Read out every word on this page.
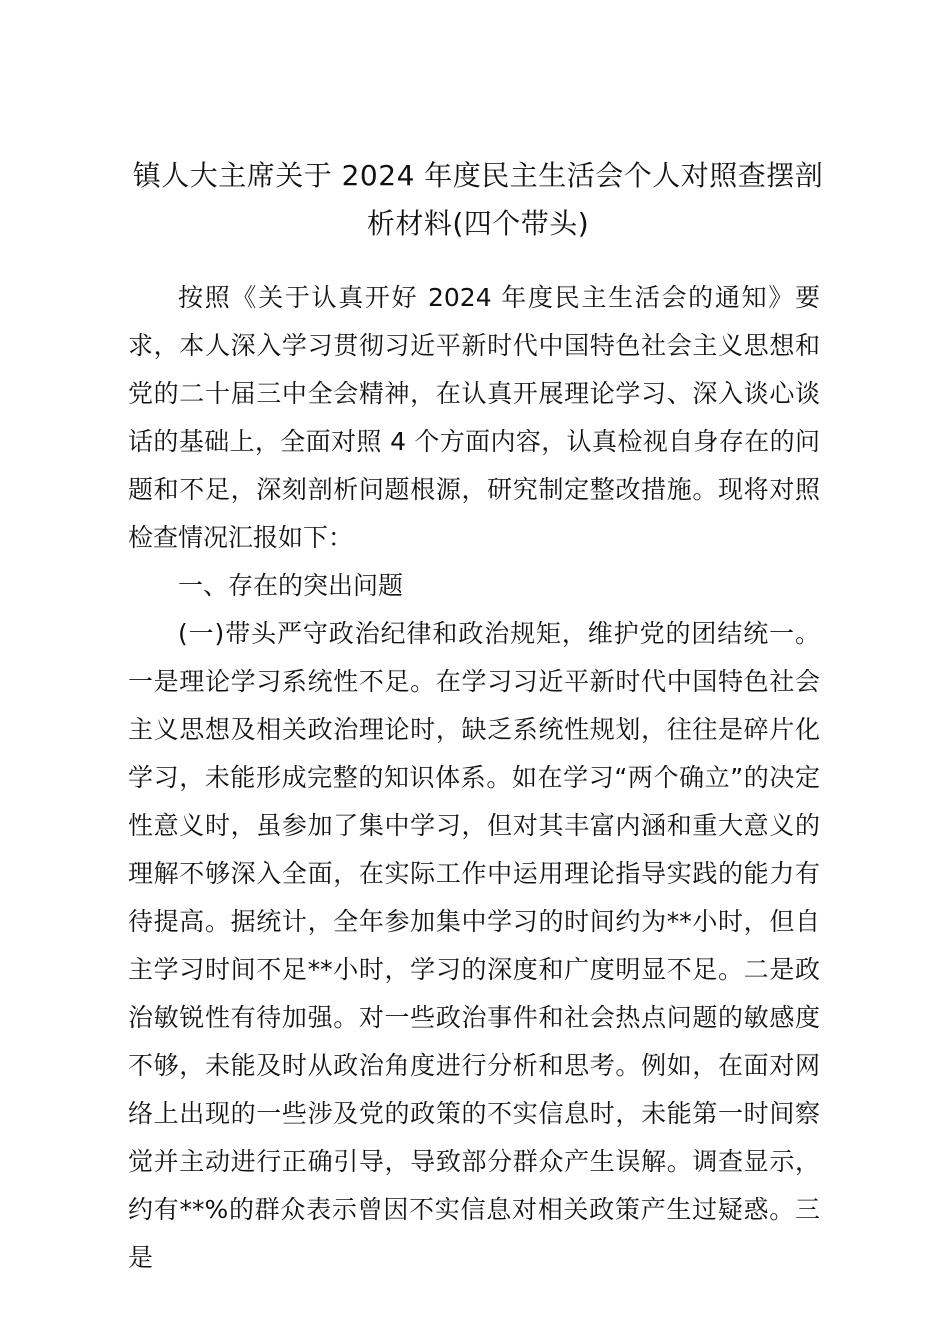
镇人大主席关于 2024 年度民主生活会个人对照查摆剖析材料(四个带头)

按照《关于认真开好 2024 年度民主生活会的通知》要求，本人深入学习贯彻习近平新时代中国特色社会主义思想和党的二十届三中全会精神，在认真开展理论学习、深入谈心谈话的基础上，全面对照 4 个方面内容，认真检视自身存在的问题和不足，深刻剖析问题根源，研究制定整改措施。现将对照检查情况汇报如下：

一、存在的突出问题

(一)带头严守政治纪律和政治规矩，维护党的团结统一。一是理论学习系统性不足。在学习习近平新时代中国特色社会主义思想及相关政治理论时，缺乏系统性规划，往往是碎片化学习，未能形成完整的知识体系。如在学习“两个确立”的决定性意义时，虽参加了集中学习，但对其丰富内涵和重大意义的理解不够深入全面，在实际工作中运用理论指导实践的能力有待提高。据统计，全年参加集中学习的时间约为**小时，但自主学习时间不足**小时，学习的深度和广度明显不足。二是政治敏锐性有待加强。对一些政治事件和社会热点问题的敏感度不够，未能及时从政治角度进行分析和思考。例如，在面对网络上出现的一些涉及党的政策的不实信息时，未能第一时间察觉并主动进行正确引导，导致部分群众产生误解。调查显示，约有**%的群众表示曾因不实信息对相关政策产生过疑惑。三是
